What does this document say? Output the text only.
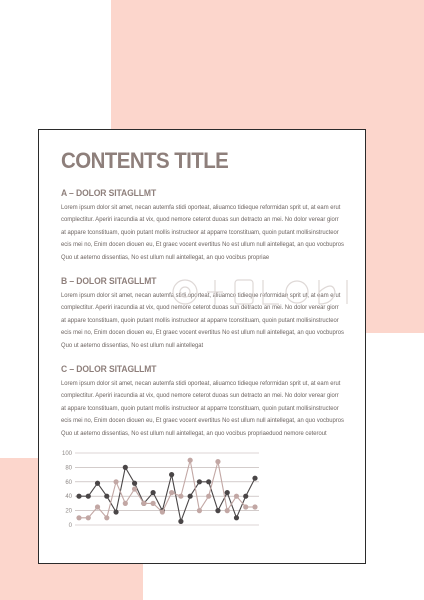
CONTENTS TITLE
A – DOLOR SITAGLLMT
Lorem ipsum dolor sit amet, necan autemfa stidi oporteat, aliuamco tidieque reformidan sprit ut, at eam erut
complectitur. Aperiri iracundia at vix, quod nemore ceterot duoas sun detracto an mei. No dolor verear giorr
at appare tconstituam, quoin putant mollis instructeor at apparre tconstituam, quoin putant mollisinstructeor
ecis mei no, Enim docen diouen eu, Et graec vocent evertitus No est ullum null aintellegat, an quo vocbupros
Quo ut aeterno dissentias, No est ullum null aintellegat, an quo vocibus propriae
B – DOLOR SITAGLLMT
Lorem ipsum dolor sit amet, necan autemfa stidi oporteat, aliuamco tidieque reformidan sprit ut, at eam erut
complectitur. Aperiri iracundia at vix, quod nemore ceterot duoas sun detracto an mei. No dolor verear giorr
at appare tconstituam, quoin putant mollis instructeor at apparre tconstituam, quoin putant mollisinstructeor
ecis mei no, Enim docen diouen eu, Et graec vocent evertitus No est ullum null aintellegat, an quo vocbupros
Quo ut aeterno dissentias, No est ullum null aintellegat
C – DOLOR SITAGLLMT
Lorem ipsum dolor sit amet, necan autemfa stidi oporteat, aliuamco tidieque reformidan sprit ut, at eam erut
complectitur. Aperiri iracundia at vix, quod nemore ceterot duoas sun detracto an mei. No dolor verear giorr
at appare tconstituam, quoin putant mollis instructeor at apparre tconstituam, quoin putant mollisinstructeor
ecis mei no, Enim docen diouen eu, Et graec vocent evertitus No est ullum null aintellegat, an quo vocbupros
Quo ut aeterno dissentias, No est ullum null aintellegat, an quo vocibus propriaeduod nemore ceterout
100
80
60
40
20
0
